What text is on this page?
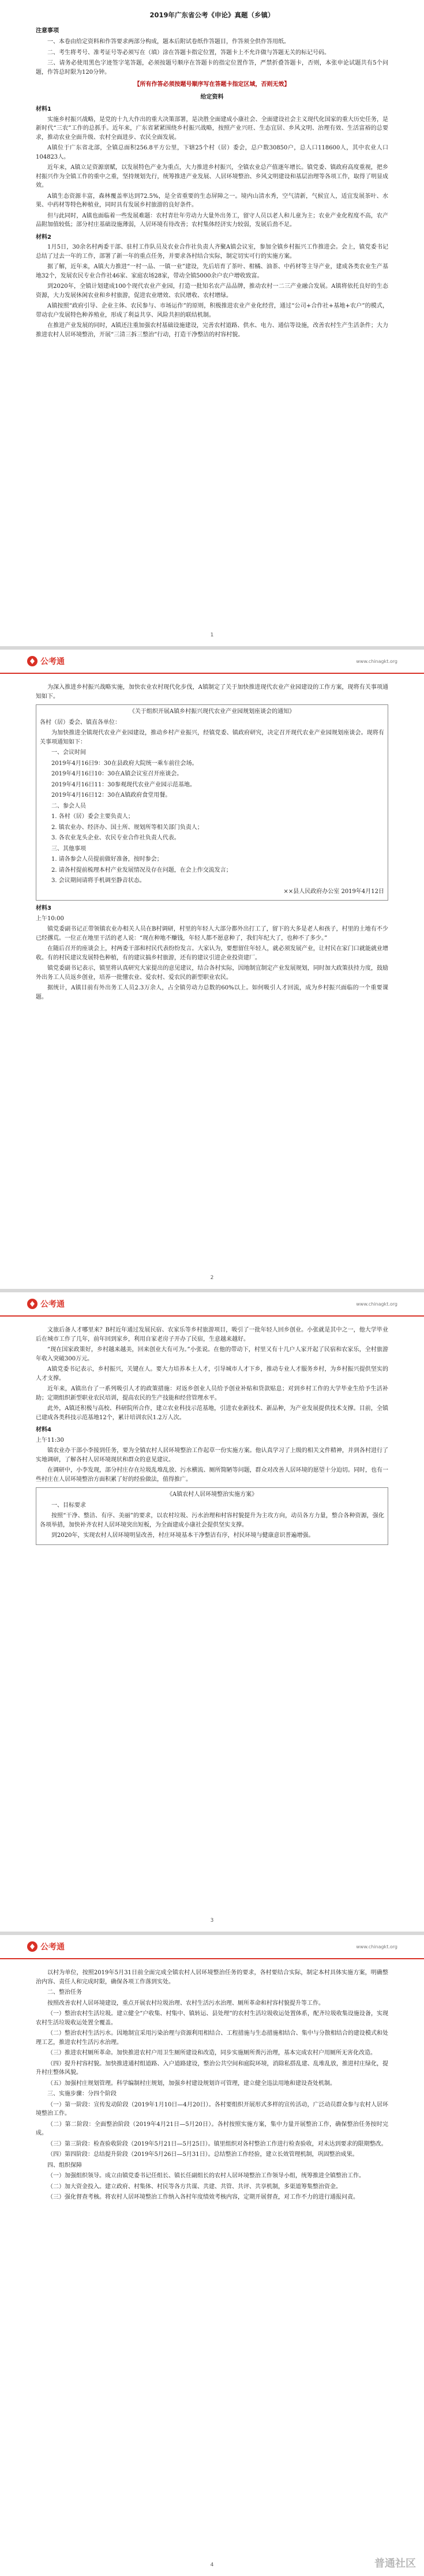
2019年广东省公考《申论》真题（乡镇）
注意事项

一、本卷由给定资料和作答要求两部分构成，题本后附试卷纸作答题目，作答须全供作答用纸。

二、考生将考号、准考证号等必须写在（填）涂在答题卡指定位置，答题卡上不允许做与答题无关的标记号码。

三、请务必使用黑色字迹签字笔答题，必须按题号顺序在答题卡的指定位置作答，严禁折叠答题卡，否则，本张申论试题共有5个问题，作答总时限为120分钟。

【所有作答必须按题号顺序写在答题卡指定区域，否则无效】
给定资料
材料1

实施乡村振兴战略，是党的十九大作出的重大决策部署，是决胜全面建成小康社会、全面建设社会主义现代化国家的重大历史任务，是新时代“三农”工作的总抓手。近年来，广东省紧紧围绕乡村振兴战略，按照产业兴旺、生态宜居、乡风文明、治理有效、生活富裕的总要求，推动农业全面升级、农村全面进步、农民全面发展。

A镇位于广东省北部，全镇总面积256.8平方公里，下辖25个村（居）委会，总户数30850户，总人口118600人，其中农业人口104823人。

近年来，A镇立足资源禀赋，以发展特色产业为重点，大力推进乡村振兴，全镇农业总产值逐年增长。镇党委、镇政府高度重视，把乡村振兴作为全镇工作的重中之重，坚持规划先行，统筹推进产业发展、人居环境整治、乡风文明建设和基层治理等各项工作，取得了明显成效。

A镇生态资源丰富，森林覆盖率达到72.5%，是全省重要的生态屏障之一。境内山清水秀，空气清新，气候宜人，适宜发展茶叶、水果、中药材等特色种植业，同时具有发展乡村旅游的良好条件。

但与此同时，A镇也面临着一些发展难题：农村青壮年劳动力大量外出务工，留守人员以老人和儿童为主；农业产业化程度不高，农产品附加值较低；部分村庄基础设施薄弱，人居环境有待改善；农村集体经济实力较弱，发展后劲不足。

材料2

1月5日，30余名村两委干部、驻村工作队员及农业合作社负责人齐聚A镇会议室，参加全镇乡村振兴工作推进会。会上，镇党委书记总结了过去一年的工作，部署了新一年的重点任务，并要求各村结合实际，制定切实可行的实施方案。

据了解，近年来，A镇大力推进“一村一品、一镇一业”建设，先后培育了茶叶、柑橘、油茶、中药材等主导产业，建成各类农业生产基地32个，发展农民专业合作社46家、家庭农场28家，带动全镇5000余户农户增收致富。

到2020年，全镇计划建成100个现代农业产业园，打造一批知名农产品品牌，推动农村一二三产业融合发展。A镇将依托良好的生态资源，大力发展休闲农业和乡村旅游，促进农业增效、农民增收、农村增绿。

A镇按照“政府引导、企业主体、农民参与、市场运作”的原则，积极推进农业产业化经营，通过“公司+合作社+基地+农户”的模式，带动农户发展特色种养殖业，形成了利益共享、风险共担的联结机制。

在推进产业发展的同时，A镇还注重加强农村基础设施建设，完善农村道路、供水、电力、通信等设施，改善农村生产生活条件；大力推进农村人居环境整治，开展“三清三拆三整治”行动，打造干净整洁的村容村貌。

1
公考通	www.chinagkt.org

为深入推进乡村振兴战略实施，加快农业农村现代化步伐，A镇制定了关于加快推进现代农业产业园建设的工作方案，现将有关事项通知如下。

《关于组织开展A镇乡村振兴现代农业产业园规划座谈会的通知》

各村（居）委会、镇直各单位：

为加快推进全镇现代农业产业园建设，推动乡村产业振兴，经镇党委、镇政府研究，决定召开现代农业产业园规划座谈会。现将有关事项通知如下：

一、会议时间

2019年4月16日9：30在县政府大院统一乘车前往会场。

2019年4月16日10：30在A镇会议室召开座谈会。

2019年4月16日11：30参观现代农业产业园示范基地。

2019年4月16日12：30在A镇政府食堂用餐。

二、参会人员

1. 各村（居）委会主要负责人；

2. 镇农业办、经济办、国土所、规划所等相关部门负责人；

3. 各农业龙头企业、农民专业合作社负责人代表。

三、其他事项

1. 请各参会人员提前做好准备，按时参会；

2. 请各村提前梳理本村产业发展情况及存在问题，在会上作交流发言；

3. 会议期间请将手机调至静音状态。

××县人民政府办公室 2019年4月12日

材料3

上午10:00

镇党委副书记正带领镇农业办相关人员在B村调研，村里的年轻人大部分都外出打工了，留下的大多是老人和孩子，村里的土地有不少已经撂荒。一位正在地里干活的老人说：“现在种地不赚钱，年轻人都不愿意种了，我们年纪大了，也种不了多少。”

在随后召开的座谈会上，村两委干部和村民代表纷纷发言。大家认为，要想留住年轻人，就必须发展产业，让村民在家门口就能就业增收。有的村民建议发展特色种植，有的建议搞乡村旅游，还有的建议引进企业投资建厂。

镇党委副书记表示，镇里将认真研究大家提出的意见建议，结合各村实际，因地制宜制定产业发展规划，同时加大政策扶持力度，鼓励外出务工人员返乡创业，培养一批懂农业、爱农村、爱农民的新型职业农民。

据统计，A镇目前有外出务工人员2.3万余人，占全镇劳动力总数的60%以上。如何吸引人才回流，成为乡村振兴面临的一个重要课题。

2
公考通	www.chinagkt.org

文旅后备人才哪里来？B村近年通过发展民宿、农家乐等乡村旅游项目，吸引了一批年轻人回乡创业。小张就是其中之一，他大学毕业后在城市工作了几年，前年回到家乡，利用自家老房子开办了民宿，生意越来越好。

“现在国家政策好，乡村越来越美，回来创业大有可为。”小张说。在他的带动下，村里又有十几户人家开起了民宿和农家乐，全村旅游年收入突破300万元。

A镇党委书记表示，乡村振兴，关键在人。要大力培养本土人才，引导城市人才下乡，推动专业人才服务乡村，为乡村振兴提供坚实的人才支撑。

近年来，A镇出台了一系列吸引人才的政策措施：对返乡创业人员给予创业补贴和贷款贴息；对到乡村工作的大学毕业生给予生活补助；定期组织新型职业农民培训，提高农民的生产技能和经营管理水平。

此外，A镇还积极与高校、科研院所合作，建立农业科技示范基地，引进农业新技术、新品种，为产业发展提供技术支撑。目前，全镇已建成各类科技示范基地12个，累计培训农民1.2万人次。

材料4

上午11:30

镇农业办干部小李接到任务，要为全镇农村人居环境整治工作起草一份实施方案。他认真学习了上级的相关文件精神，并到各村进行了实地调研，了解各村人居环境现状和群众的意见建议。

在调研中，小李发现，部分村庄存在垃圾乱堆乱放、污水横流、厕所简陋等问题，群众对改善人居环境的愿望十分迫切。同时，也有一些村庄在人居环境整治方面积累了好的经验做法，值得推广。

《A镇农村人居环境整治实施方案》

一、目标要求

按照“干净、整洁、有序、美丽”的要求，以农村垃圾、污水治理和村容村貌提升为主攻方向，动员各方力量，整合各种资源，强化各项举措，加快补齐农村人居环境突出短板，为全面建成小康社会提供坚实支撑。

到2020年，实现农村人居环境明显改善，村庄环境基本干净整洁有序，村民环境与健康意识普遍增强。

3
公考通	www.chinagkt.org

以村为单位，按照2019年5月31日前全面完成全镇农村人居环境整治任务的要求，各村要结合实际，制定本村具体实施方案，明确整治内容、责任人和完成时限，确保各项工作落到实处。

二、整治任务

按照改善农村人居环境建设，重点开展农村垃圾治理、农村生活污水治理、厕所革命和村容村貌提升等工作。

（一）整治农村生活垃圾。建立健全“户收集、村集中、镇转运、县处理”的农村生活垃圾收运处置体系，配齐垃圾收集设施设备，实现农村生活垃圾收运处置全覆盖。

（二）整治农村生活污水。因地制宜采用污染治理与资源利用相结合、工程措施与生态措施相结合、集中与分散相结合的建设模式和处理工艺，推进农村生活污水治理。

（三）推进农村厕所革命。加快推进农村户用卫生厕所建设和改造，同步实施厕所粪污治理，基本完成农村户用厕所无害化改造。

（四）提升村容村貌。加快推进通村组道路、入户道路建设，整治公共空间和庭院环境，消除私搭乱建、乱堆乱放，推进村庄绿化，提升村庄整体风貌。

（五）加强村庄规划管理。科学编制村庄规划，加强乡村建设规划许可管理，建立健全违法用地和建设查处机制。

三、实施步骤：分四个阶段

（一）第一阶段：宣传发动阶段（2019年1月10日—4月20日）。各村要组织开展形式多样的宣传活动，广泛动员群众参与农村人居环境整治工作。

（二）第二阶段：全面整治阶段（2019年4月21日—5月20日）。各村按照实施方案，集中力量开展整治工作，确保整治任务按时完成。

（三）第三阶段：检查验收阶段（2019年5月21日—5月25日）。镇里组织对各村整治工作进行检查验收，对未达到要求的限期整改。

（四）第四阶段：总结提升阶段（2019年5月26日—5月31日）。总结整治工作经验，建立长效管理机制，巩固整治成果。

四、组织保障

（一）加强组织领导。成立由镇党委书记任组长、镇长任副组长的农村人居环境整治工作领导小组，统筹推进全镇整治工作。

（二）加大资金投入。建立政府、村集体、村民等各方共谋、共建、共管、共评、共享机制，多渠道筹集整治资金。

（三）强化督查考核。将农村人居环境整治工作纳入各村年度绩效考核内容，定期开展督查，对工作不力的进行通报问责。

4	普通社区
